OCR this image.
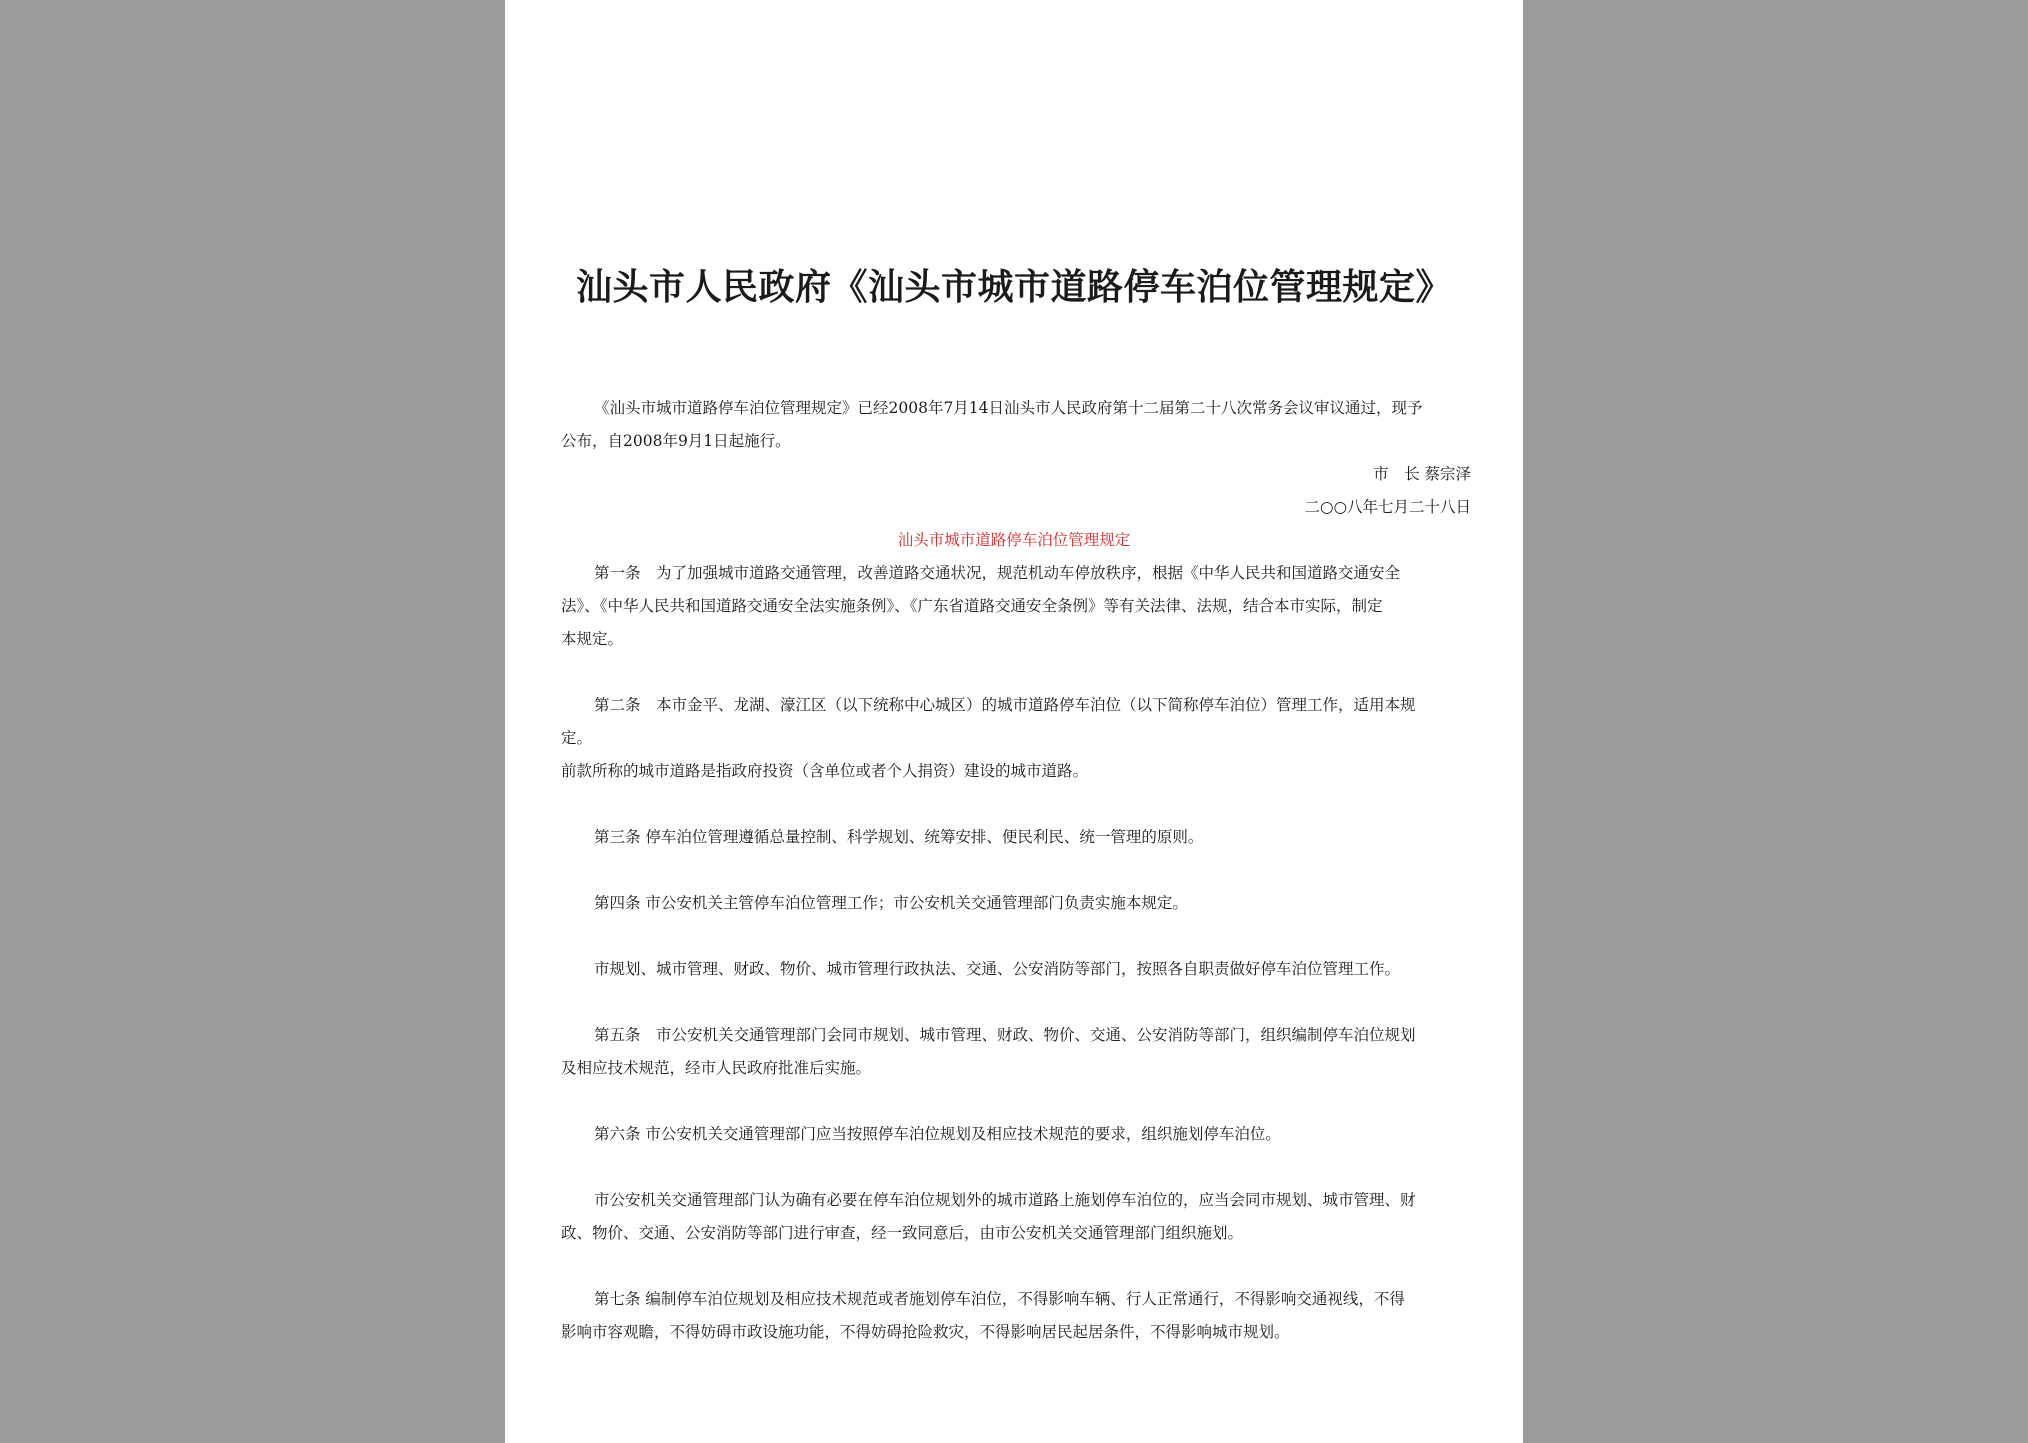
汕头市人民政府《汕头市城市道路停车泊位管理规定》
《汕头市城市道路停车泊位管理规定》已经2008年7月14日汕头市人民政府第十二届第二十八次常务会议审议通过，现予
公布，自2008年9月1日起施行。
市　长 蔡宗泽
二○○八年七月二十八日
汕头市城市道路停车泊位管理规定
第一条　为了加强城市道路交通管理，改善道路交通状况，规范机动车停放秩序，根据《中华人民共和国道路交通安全
法》、《中华人民共和国道路交通安全法实施条例》、《广东省道路交通安全条例》等有关法律、法规，结合本市实际，制定
本规定。
第二条　本市金平、龙湖、濠江区（以下统称中心城区）的城市道路停车泊位（以下简称停车泊位）管理工作，适用本规
定。
前款所称的城市道路是指政府投资（含单位或者个人捐资）建设的城市道路。
第三条 停车泊位管理遵循总量控制、科学规划、统筹安排、便民利民、统一管理的原则。
第四条 市公安机关主管停车泊位管理工作；市公安机关交通管理部门负责实施本规定。
市规划、城市管理、财政、物价、城市管理行政执法、交通、公安消防等部门，按照各自职责做好停车泊位管理工作。
第五条　市公安机关交通管理部门会同市规划、城市管理、财政、物价、交通、公安消防等部门，组织编制停车泊位规划
及相应技术规范，经市人民政府批准后实施。
第六条 市公安机关交通管理部门应当按照停车泊位规划及相应技术规范的要求，组织施划停车泊位。
市公安机关交通管理部门认为确有必要在停车泊位规划外的城市道路上施划停车泊位的，应当会同市规划、城市管理、财
政、物价、交通、公安消防等部门进行审查，经一致同意后，由市公安机关交通管理部门组织施划。
第七条 编制停车泊位规划及相应技术规范或者施划停车泊位，不得影响车辆、行人正常通行，不得影响交通视线，不得
影响市容观瞻，不得妨碍市政设施功能，不得妨碍抢险救灾，不得影响居民起居条件，不得影响城市规划。
